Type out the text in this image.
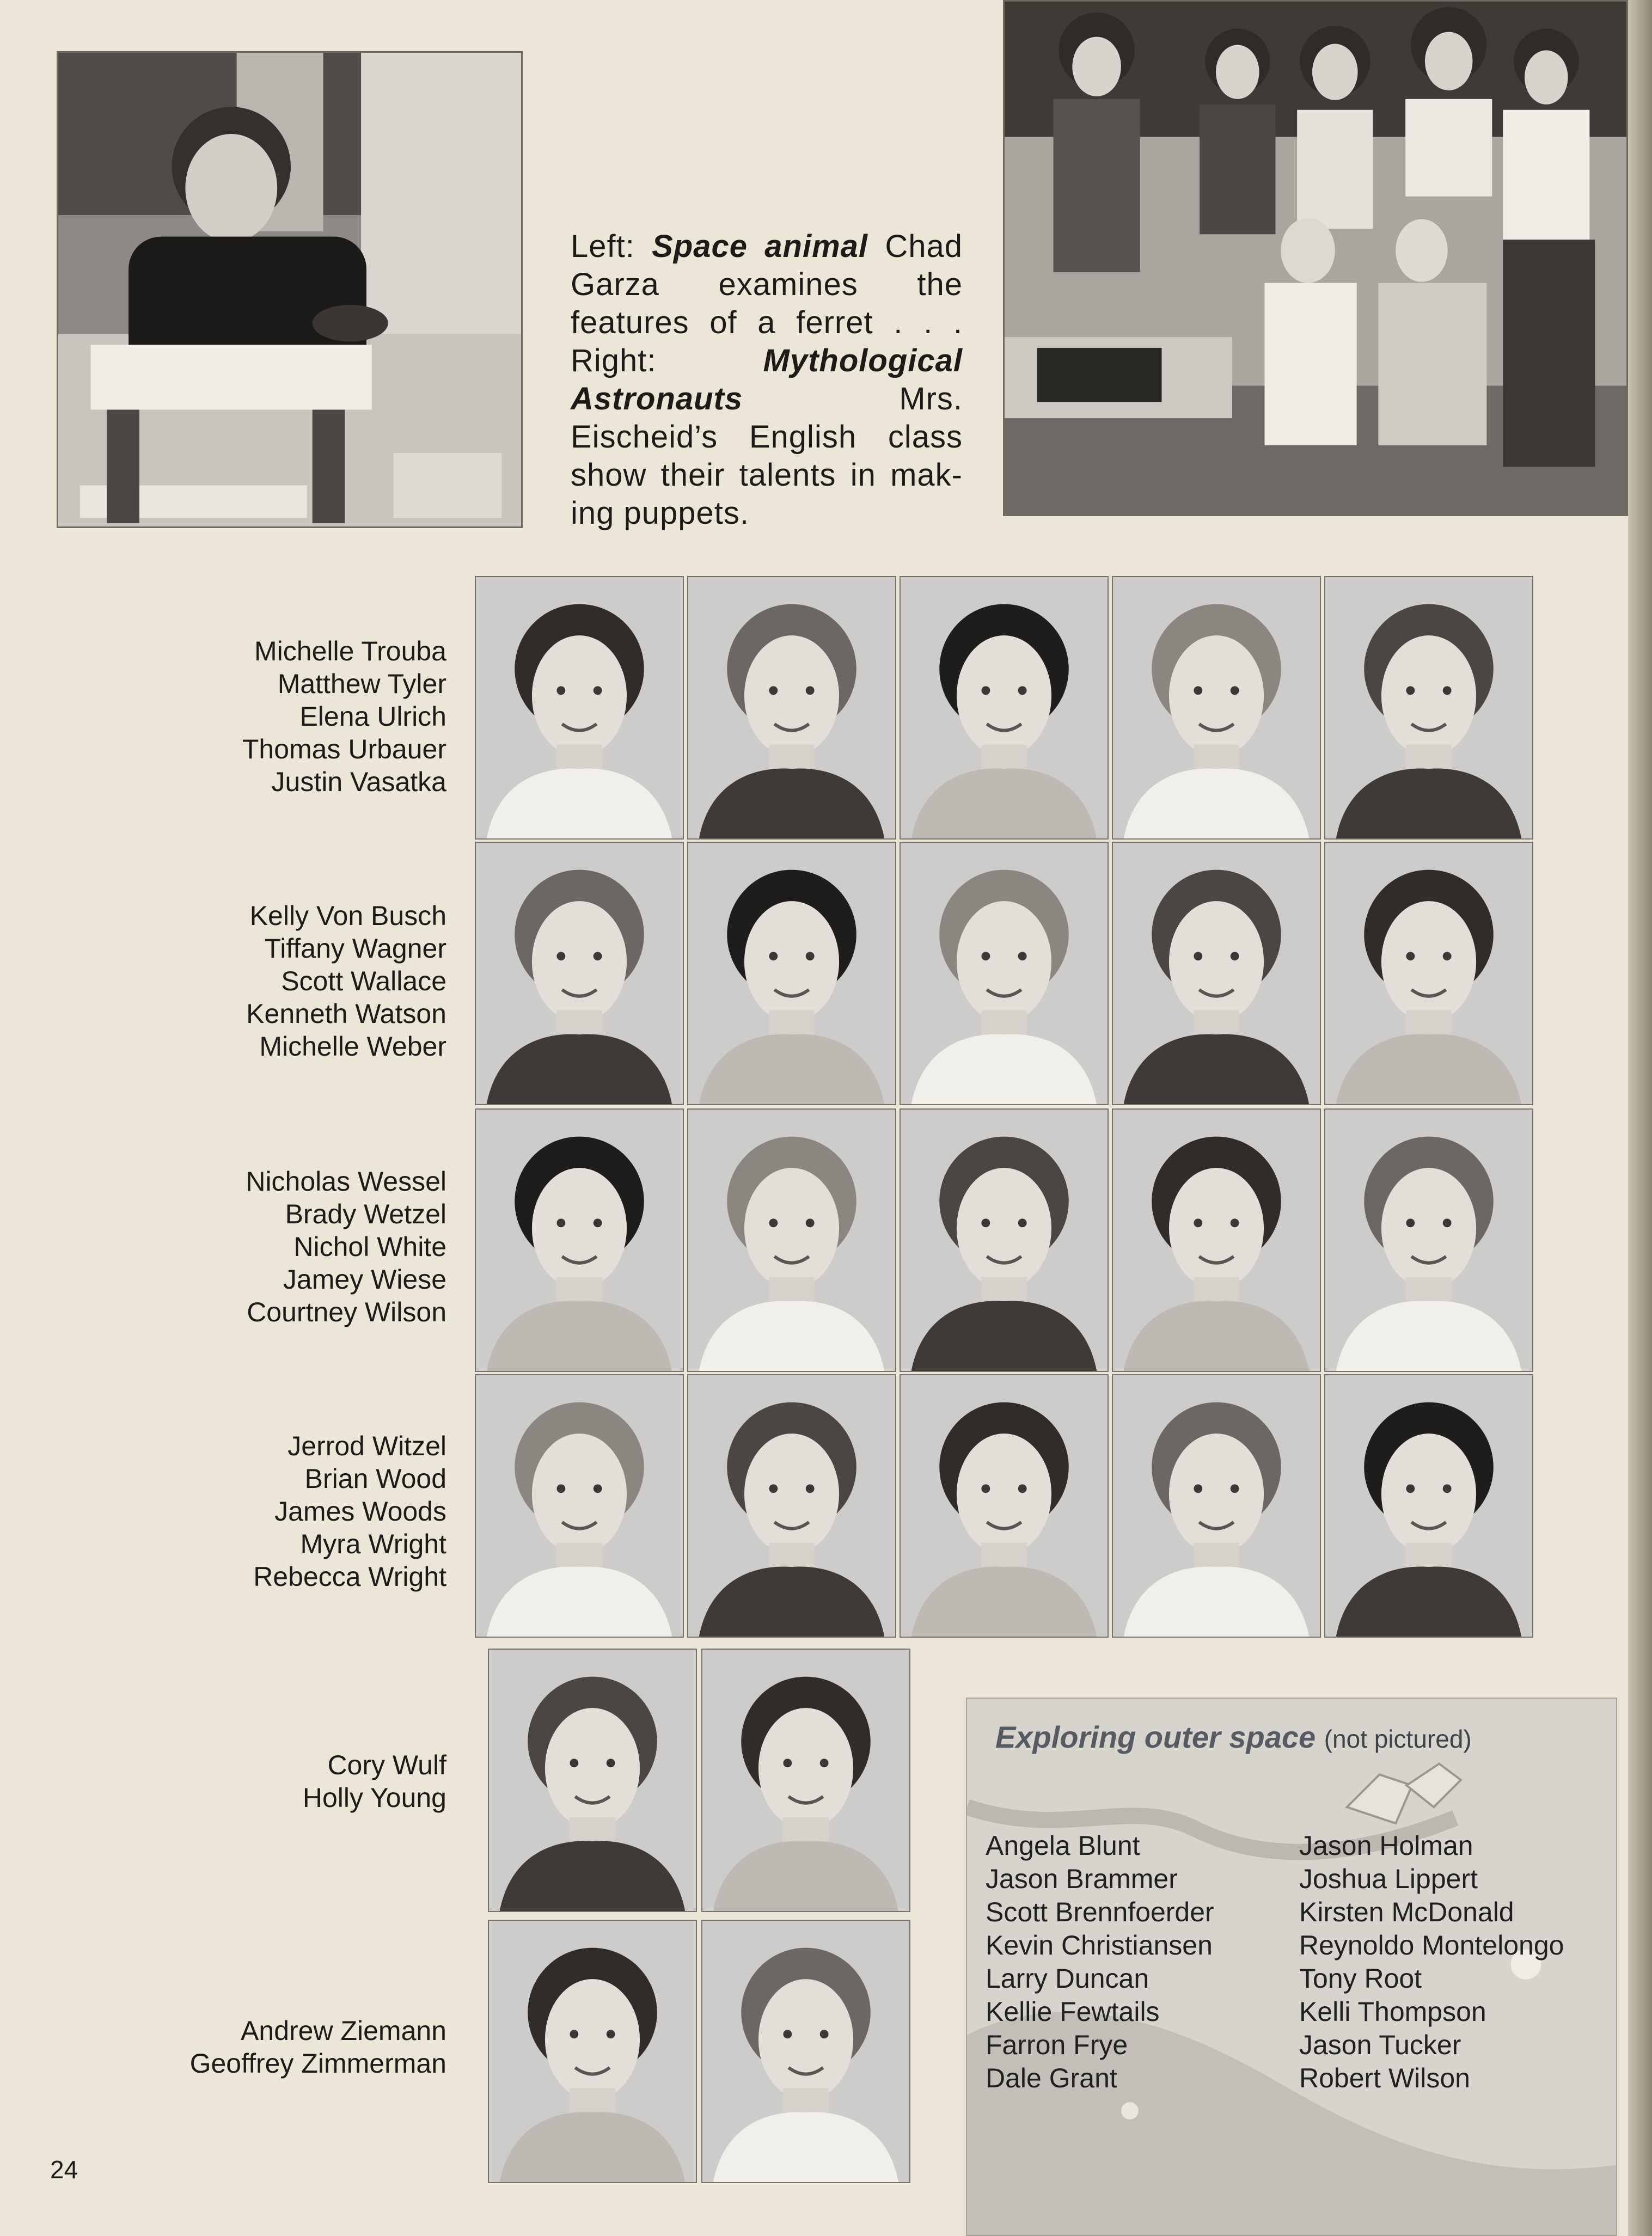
Left: Space animal Chad Garza examines the features of a ferret . . . Right: Mythological Astronauts Mrs. Eischeid’s English class show their talents in mak-ing puppets.
Michelle Trouba
Matthew Tyler
Elena Ulrich
Thomas Urbauer
Justin Vasatka
Kelly Von Busch
Tiffany Wagner
Scott Wallace
Kenneth Watson
Michelle Weber
Nicholas Wessel
Brady Wetzel
Nichol White
Jamey Wiese
Courtney Wilson
Jerrod Witzel
Brian Wood
James Woods
Myra Wright
Rebecca Wright
Cory Wulf
Holly Young
Andrew Ziemann
Geoffrey Zimmerman
Exploring outer space (not pictured)
Angela Blunt
Jason Brammer
Scott Brennfoerder
Kevin Christiansen
Larry Duncan
Kellie Fewtails
Farron Frye
Dale Grant
Jason Holman
Joshua Lippert
Kirsten McDonald
Reynoldo Montelongo
Tony Root
Kelli Thompson
Jason Tucker
Robert Wilson
24
